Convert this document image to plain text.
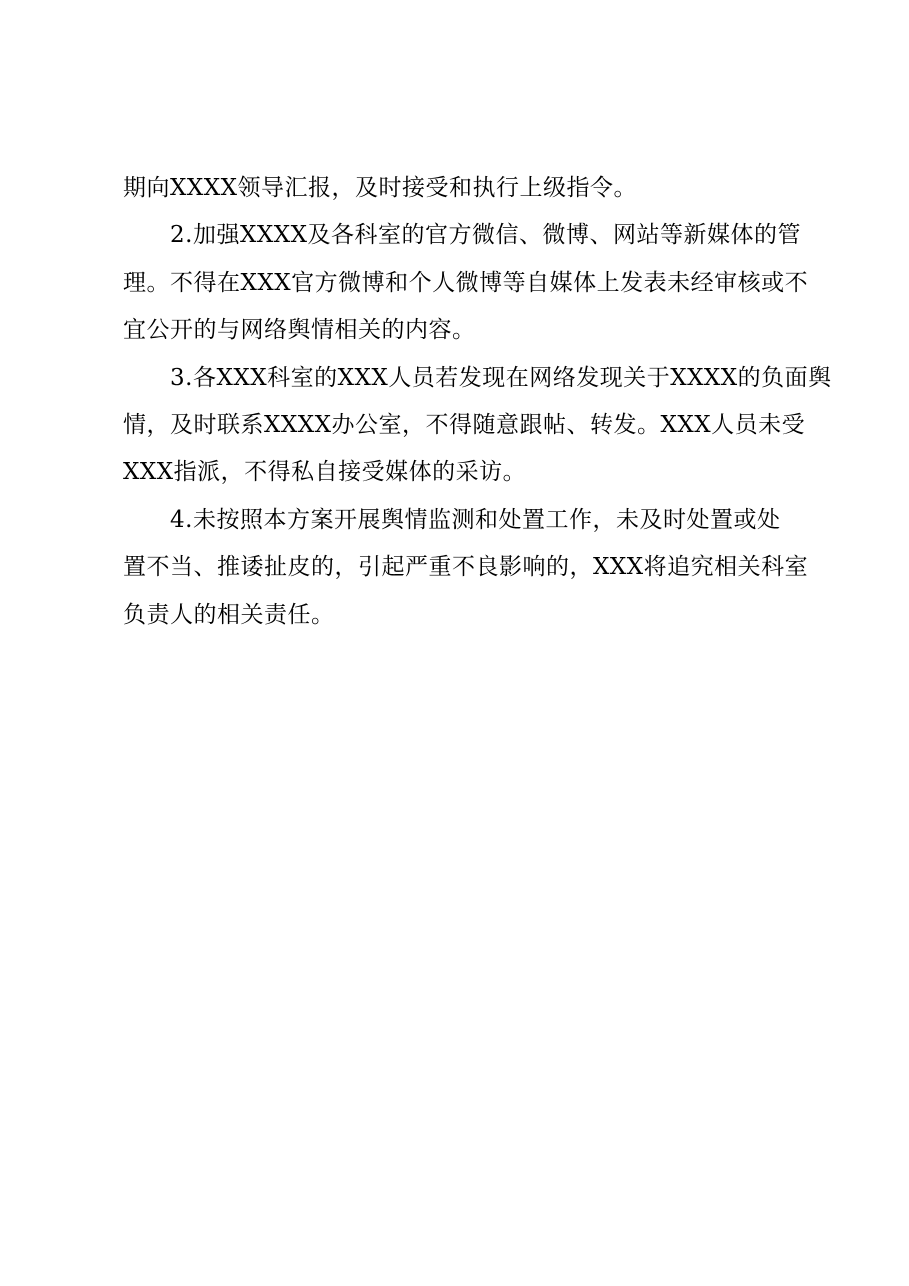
期向XXXX领导汇报，及时接受和执行上级指令。

2.加强XXXX及各科室的官方微信、微博、网站等新媒体的管
理。不得在XXX官方微博和个人微博等自媒体上发表未经审核或不
宜公开的与网络舆情相关的内容。

3.各XXX科室的XXX人员若发现在网络发现关于XXXX的负面舆
情，及时联系XXXX办公室，不得随意跟帖、转发。XXX人员未受
XXX指派，不得私自接受媒体的采访。

4.未按照本方案开展舆情监测和处置工作，未及时处置或处
置不当、推诿扯皮的，引起严重不良影响的，XXX将追究相关科室
负责人的相关责任。
